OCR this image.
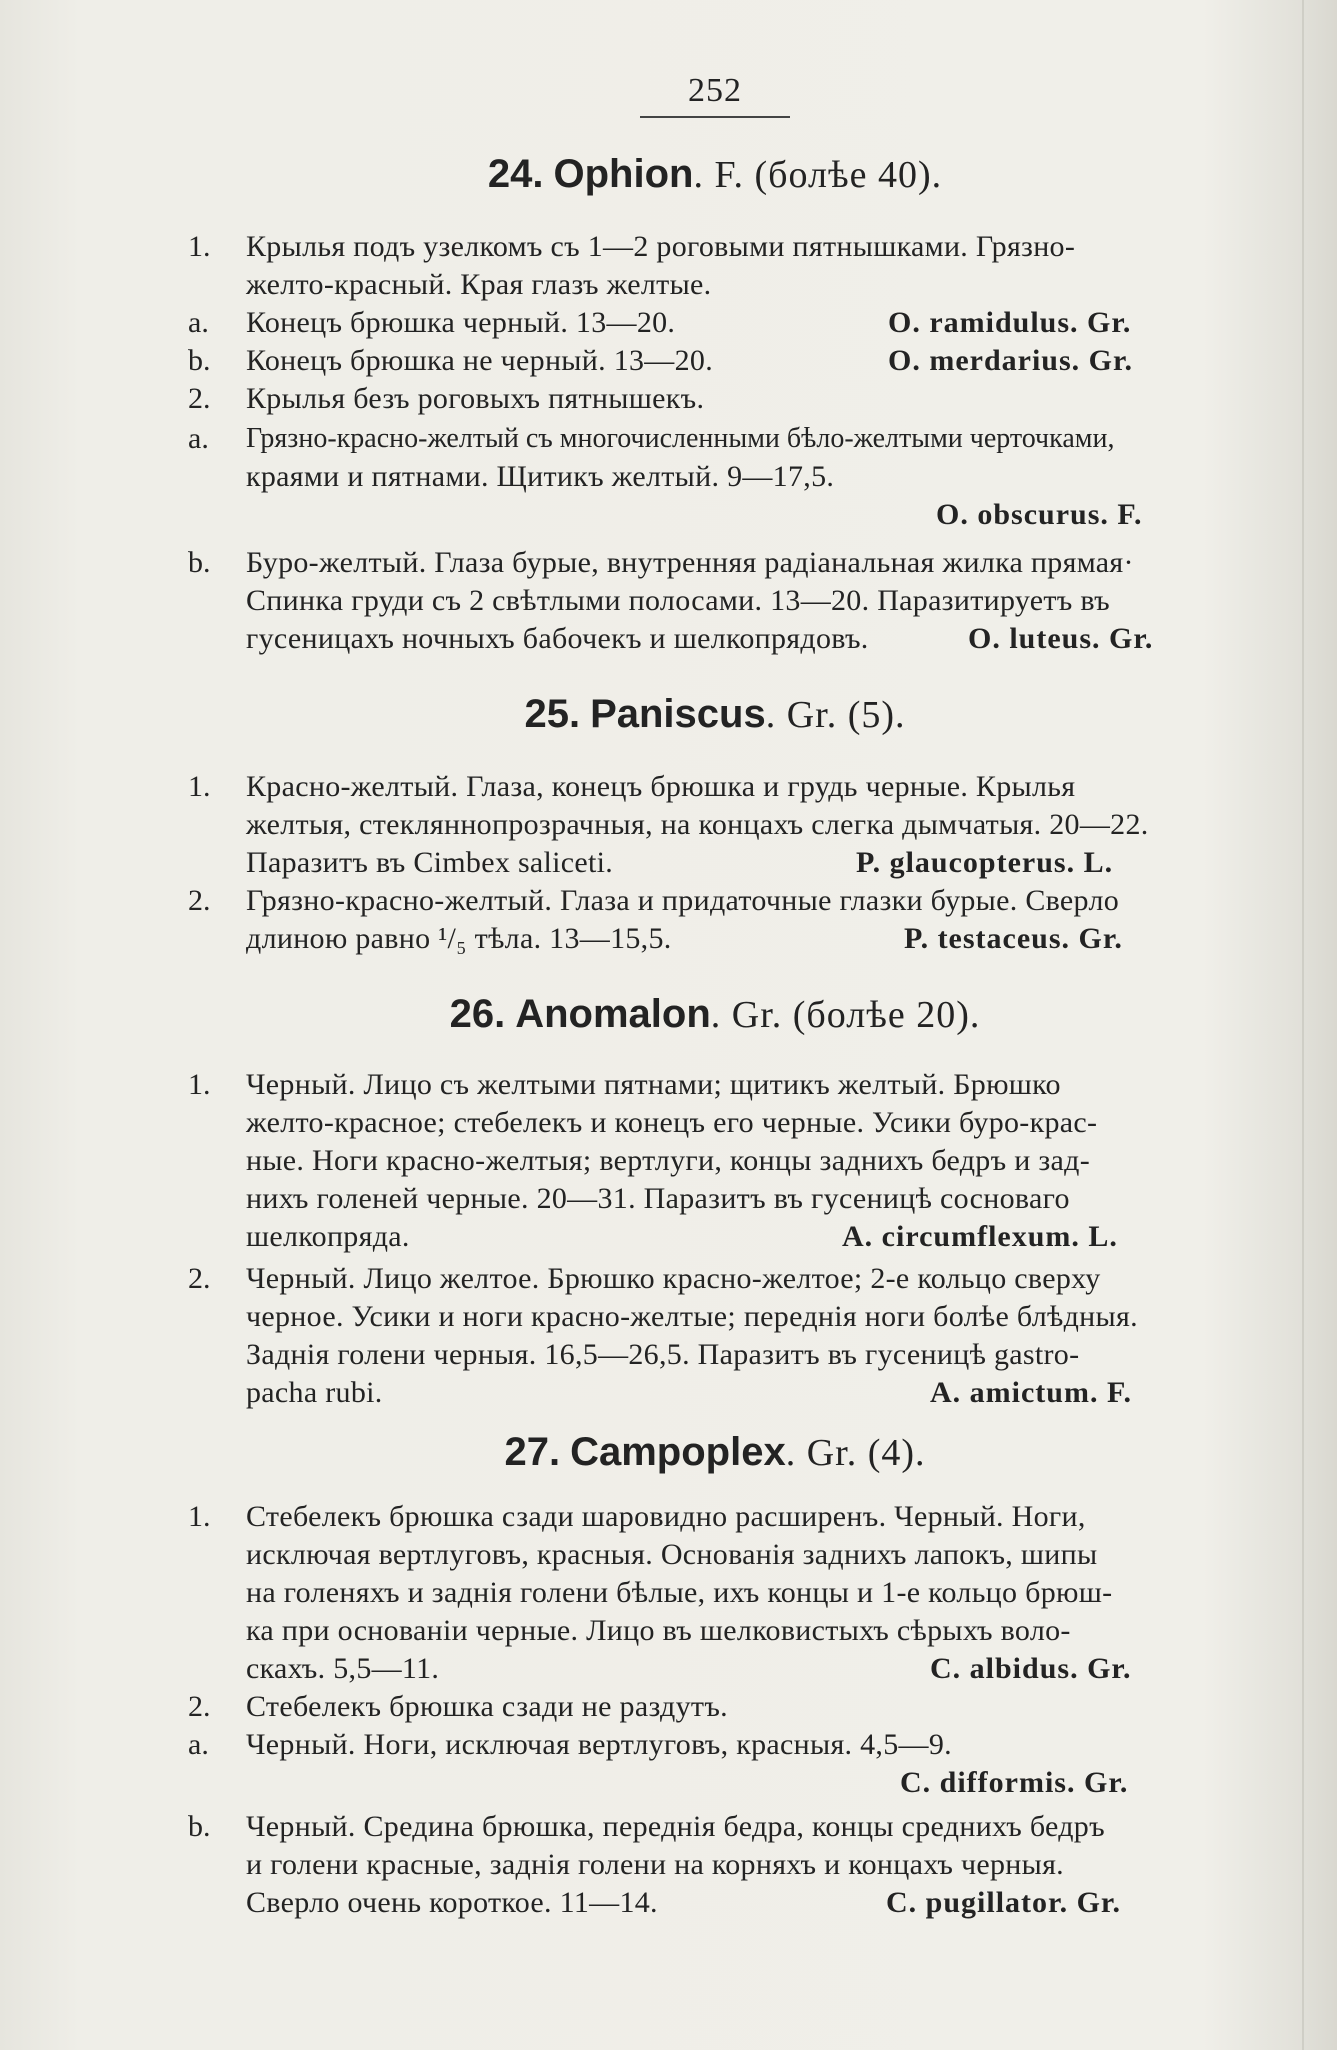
252
24. Ophion. F. (болѣе 40).
1. Крылья подъ узелкомъ съ 1—2 роговыми пятнышками. Грязно-
желто-красный. Края глазъ желтые.
a. Конецъ брюшка черный. 13—20.	O. ramidulus. Gr.
b. Конецъ брюшка не черный. 13—20.	O. merdarius. Gr.
2. Крылья безъ роговыхъ пятнышекъ.
a. Грязно-красно-желтый съ многочисленными бѣло-желтыми черточками,
краями и пятнами. Щитикъ желтый. 9—17,5.
O. obscurus. F.
b. Буро-желтый. Глаза бурые, внутренняя радіанальная жилка прямая·
Спинка груди съ 2 свѣтлыми полосами. 13—20. Паразитируетъ въ
гусеницахъ ночныхъ бабочекъ и шелкопрядовъ.	O. luteus. Gr.
25. Paniscus. Gr. (5).
1. Красно-желтый. Глаза, конецъ брюшка и грудь черные. Крылья
желтыя, стекляннопрозрачныя, на концахъ слегка дымчатыя. 20—22.
Паразитъ въ Cimbex saliceti.	P. glaucopterus. L.
2. Грязно-красно-желтый. Глаза и придаточные глазки бурые. Сверло
длиною равно ¹/₅ тѣла. 13—15,5.	P. testaceus. Gr.
26. Anomalon. Gr. (болѣе 20).
1. Черный. Лицо съ желтыми пятнами; щитикъ желтый. Брюшко
желто-красное; стебелекъ и конецъ его черные. Усики буро-крас-
ные. Ноги красно-желтыя; вертлуги, концы заднихъ бедръ и зад-
нихъ голеней черные. 20—31. Паразитъ въ гусеницѣ сосноваго
шелкопряда.	A. circumflexum. L.
2. Черный. Лицо желтое. Брюшко красно-желтое; 2-е кольцо сверху
черное. Усики и ноги красно-желтые; переднія ноги болѣе блѣдныя.
Заднія голени черныя. 16,5—26,5. Паразитъ въ гусеницѣ gastro-
pacha rubi.	A. amictum. F.
27. Campoplex. Gr. (4).
1. Стебелекъ брюшка сзади шаровидно расширенъ. Черный. Ноги,
исключая вертлуговъ, красныя. Основанія заднихъ лапокъ, шипы
на голеняхъ и заднія голени бѣлые, ихъ концы и 1-е кольцо брюш-
ка при основаніи черные. Лицо въ шелковистыхъ сѣрыхъ воло-
скахъ. 5,5—11.	C. albidus. Gr.
2. Стебелекъ брюшка сзади не раздутъ.
a. Черный. Ноги, исключая вертлуговъ, красныя. 4,5—9.
C. difformis. Gr.
b. Черный. Средина брюшка, переднія бедра, концы среднихъ бедръ
и голени красные, заднія голени на корняхъ и концахъ черныя.
Сверло очень короткое. 11—14.	C. pugillator. Gr.
